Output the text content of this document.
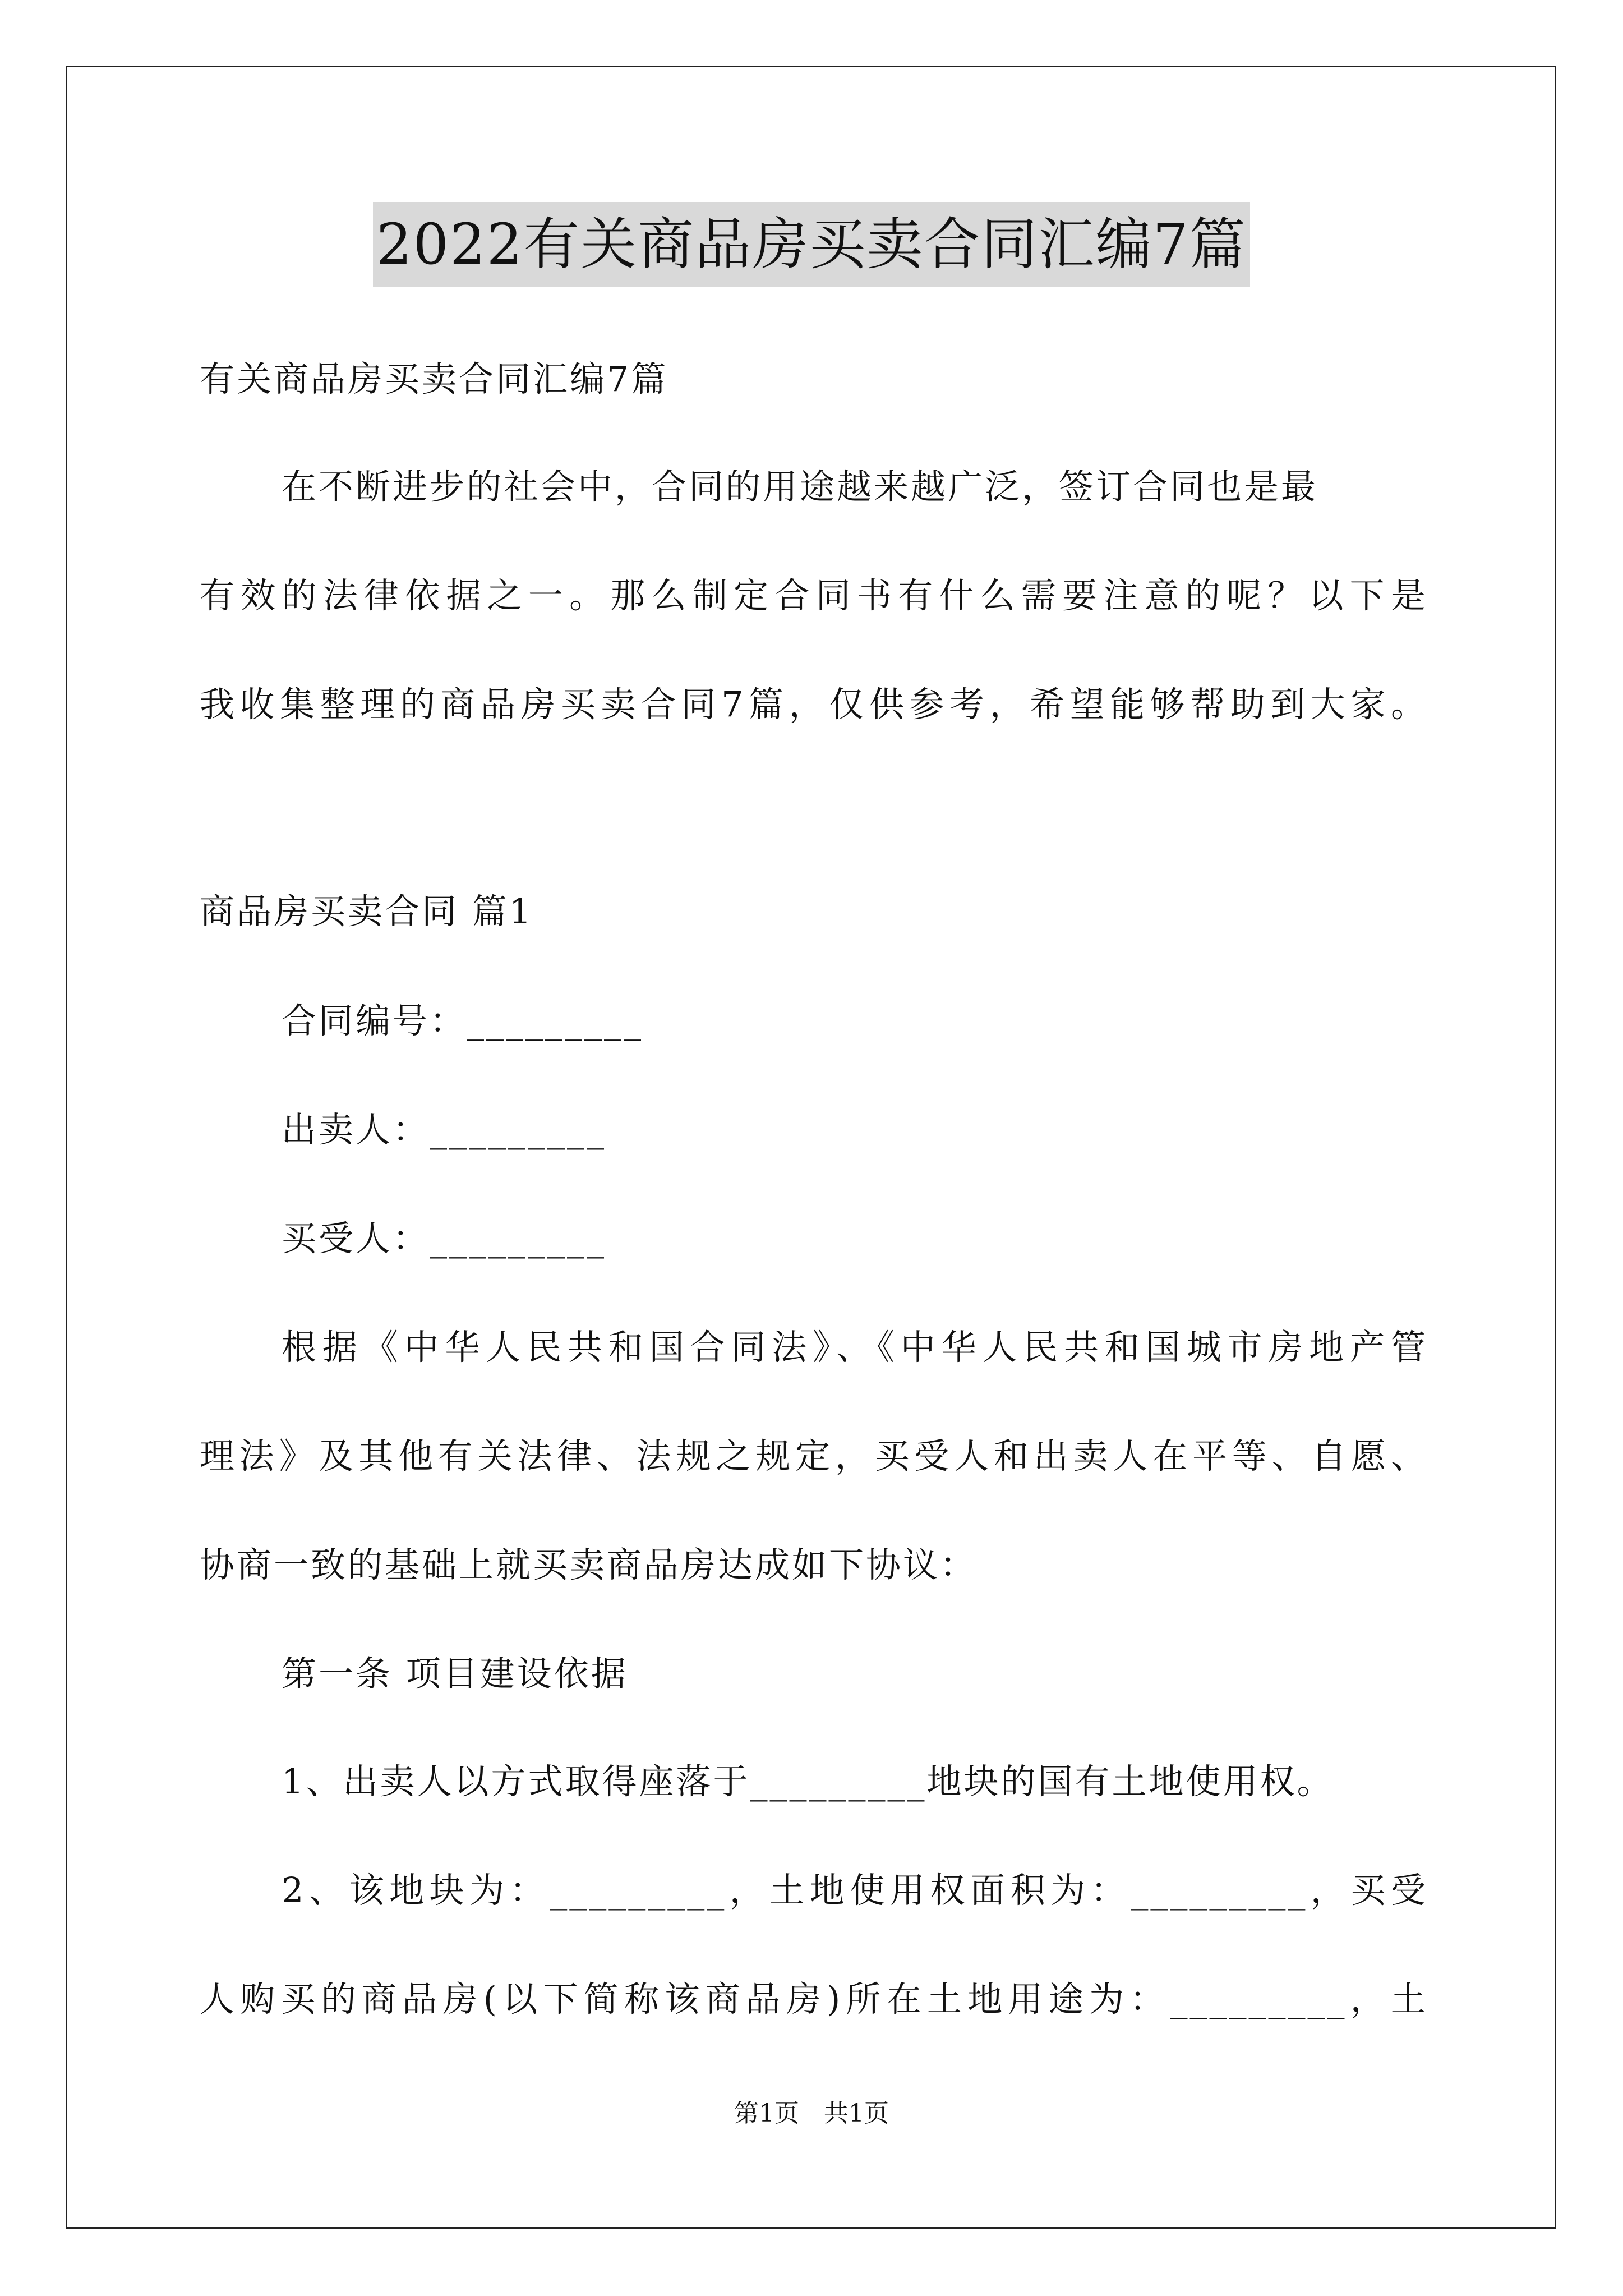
2022有关商品房买卖合同汇编7篇
有关商品房买卖合同汇编7篇
在不断进步的社会中，合同的用途越来越广泛，签订合同也是最
有效的法律依据之一。那么制定合同书有什么需要注意的呢？以下是
我收集整理的商品房买卖合同7篇，仅供参考，希望能够帮助到大家。
商品房买卖合同 篇1
合同编号：_________
出卖人：_________
买受人：_________
根据《中华人民共和国合同法》、《中华人民共和国城市房地产管
理法》及其他有关法律、法规之规定，买受人和出卖人在平等、自愿、
协商一致的基础上就买卖商品房达成如下协议：
第一条 项目建设依据
1、出卖人以方式取得座落于_________地块的国有土地使用权。
2、该地块为：_________，土地使用权面积为：_________，买受
人购买的商品房(以下简称该商品房)所在土地用途为：_________，土
第1页　共1页
